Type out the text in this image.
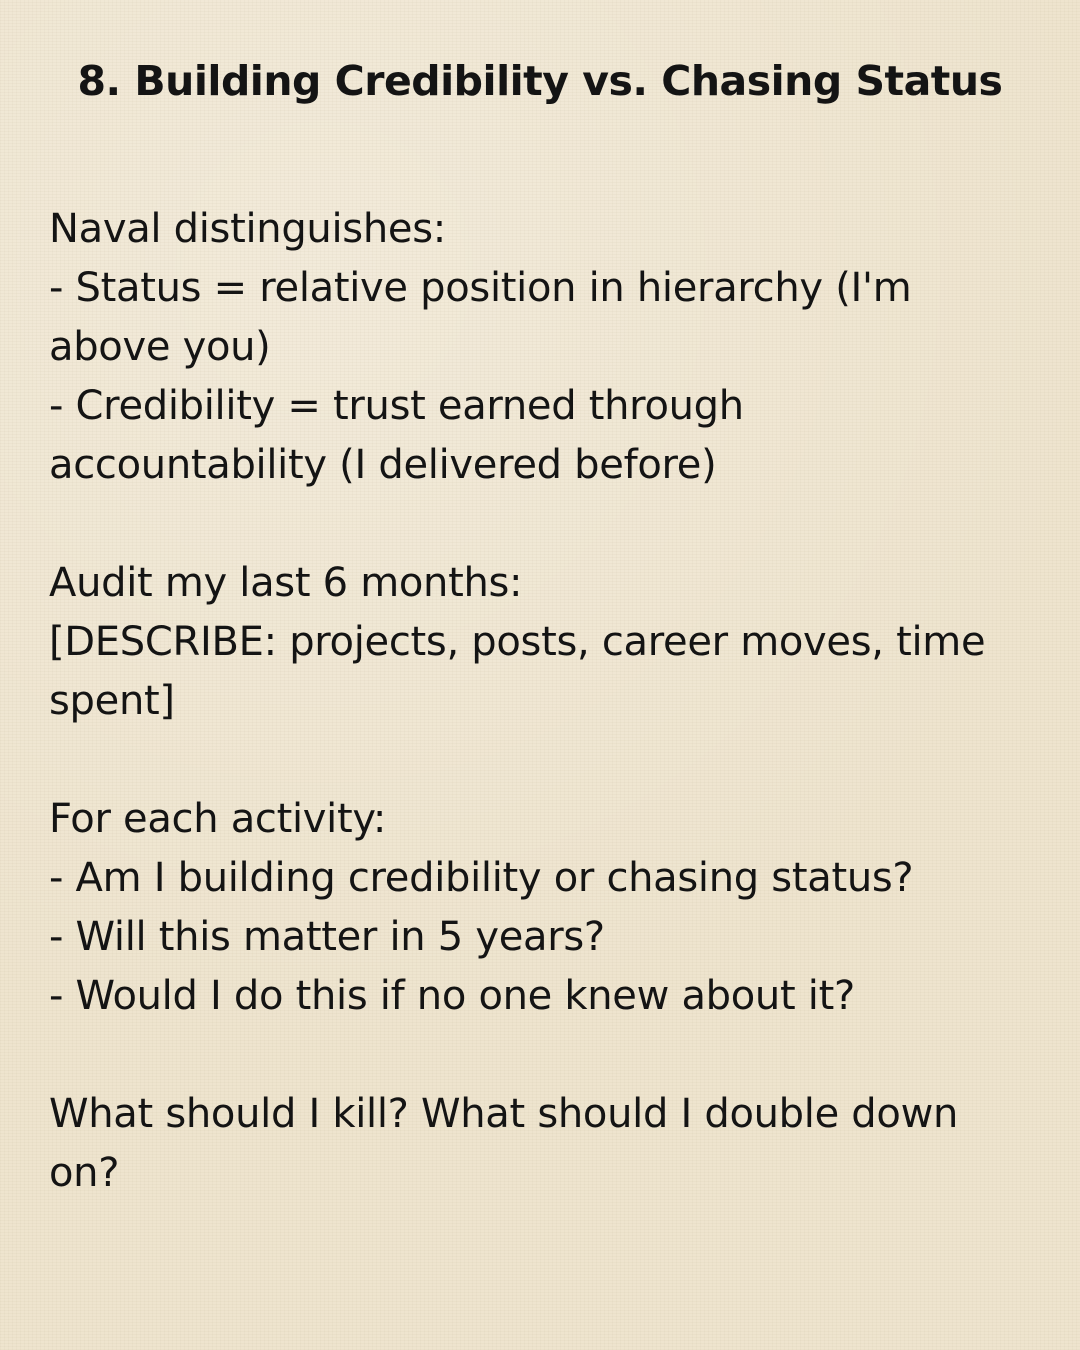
8. Building Credibility vs. Chasing Status
Naval distinguishes:
- Status = relative position in hierarchy (I'm
above you)
- Credibility = trust earned through
accountability (I delivered before)
Audit my last 6 months:
[DESCRIBE: projects, posts, career moves, time
spent]
For each activity:
- Am I building credibility or chasing status?
- Will this matter in 5 years?
- Would I do this if no one knew about it?
What should I kill? What should I double down
on?
